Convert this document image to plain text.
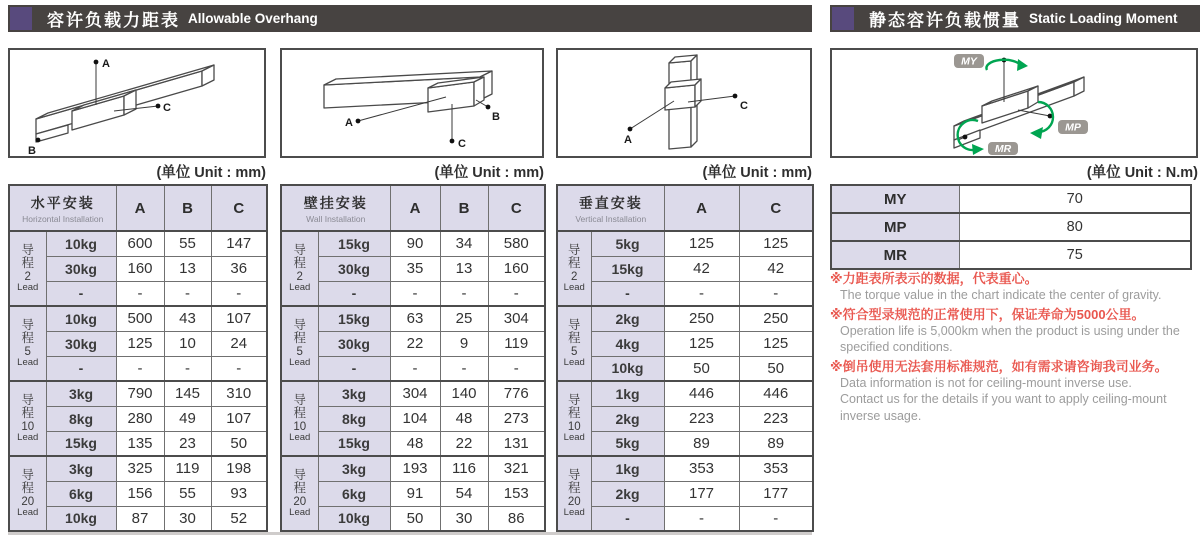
容许负载力距表 Allowable Overhang	静态容许负载惯量 Static Loading Moment
A
C
B
A
C
B
A
C
MY
MP
MR
(单位 Unit : mm)	(单位 Unit : mm)	(单位 Unit : mm)	(单位 Unit : N.m)
水平安装
Horizontal Installation		A	B	C

导
程
2
Lead	10kg	600	55	147
	30kg	160	13	36
	-	-	-	-

导
程
5
Lead	10kg	500	43	107
	30kg	125	10	24
	-	-	-	-

导
程
10
Lead	3kg	790	145	310
	8kg	280	49	107
	15kg	135	23	50

导
程
20
Lead	3kg	325	119	198
	6kg	156	55	93
	10kg	87	30	52
壁挂安装
Wall Installation		A	B	C

导
程
2
Lead	15kg	90	34	580
	30kg	35	13	160
	-	-	-	-

导
程
5
Lead	15kg	63	25	304
	30kg	22	9	119
	-	-	-	-

导
程
10
Lead	3kg	304	140	776
	8kg	104	48	273
	15kg	48	22	131

导
程
20
Lead	3kg	193	116	321
	6kg	91	54	153
	10kg	50	30	86
垂直安装
Vertical Installation		A	C

导
程
2
Lead	5kg	125	125
	15kg	42	42
	-	-	-

导
程
5
Lead	2kg	250	250
	4kg	125	125
	10kg	50	50

导
程
10
Lead	1kg	446	446
	2kg	223	223
	5kg	89	89

导
程
20
Lead	1kg	353	353
	2kg	177	177
	-	-	-
MY	70
MP	80
MR	75
※力距表所表示的数据，代表重心。
The torque value in the chart indicate the center of gravity.
※符合型录规范的正常使用下，保证寿命为5000公里。
Operation life is 5,000km when the product is using under the specified conditions.
※倒吊使用无法套用标准规范，如有需求请咨询我司业务。
Data information is not for ceiling-mount inverse use.
Contact us for the details if you want to apply ceiling-mount inverse usage.
